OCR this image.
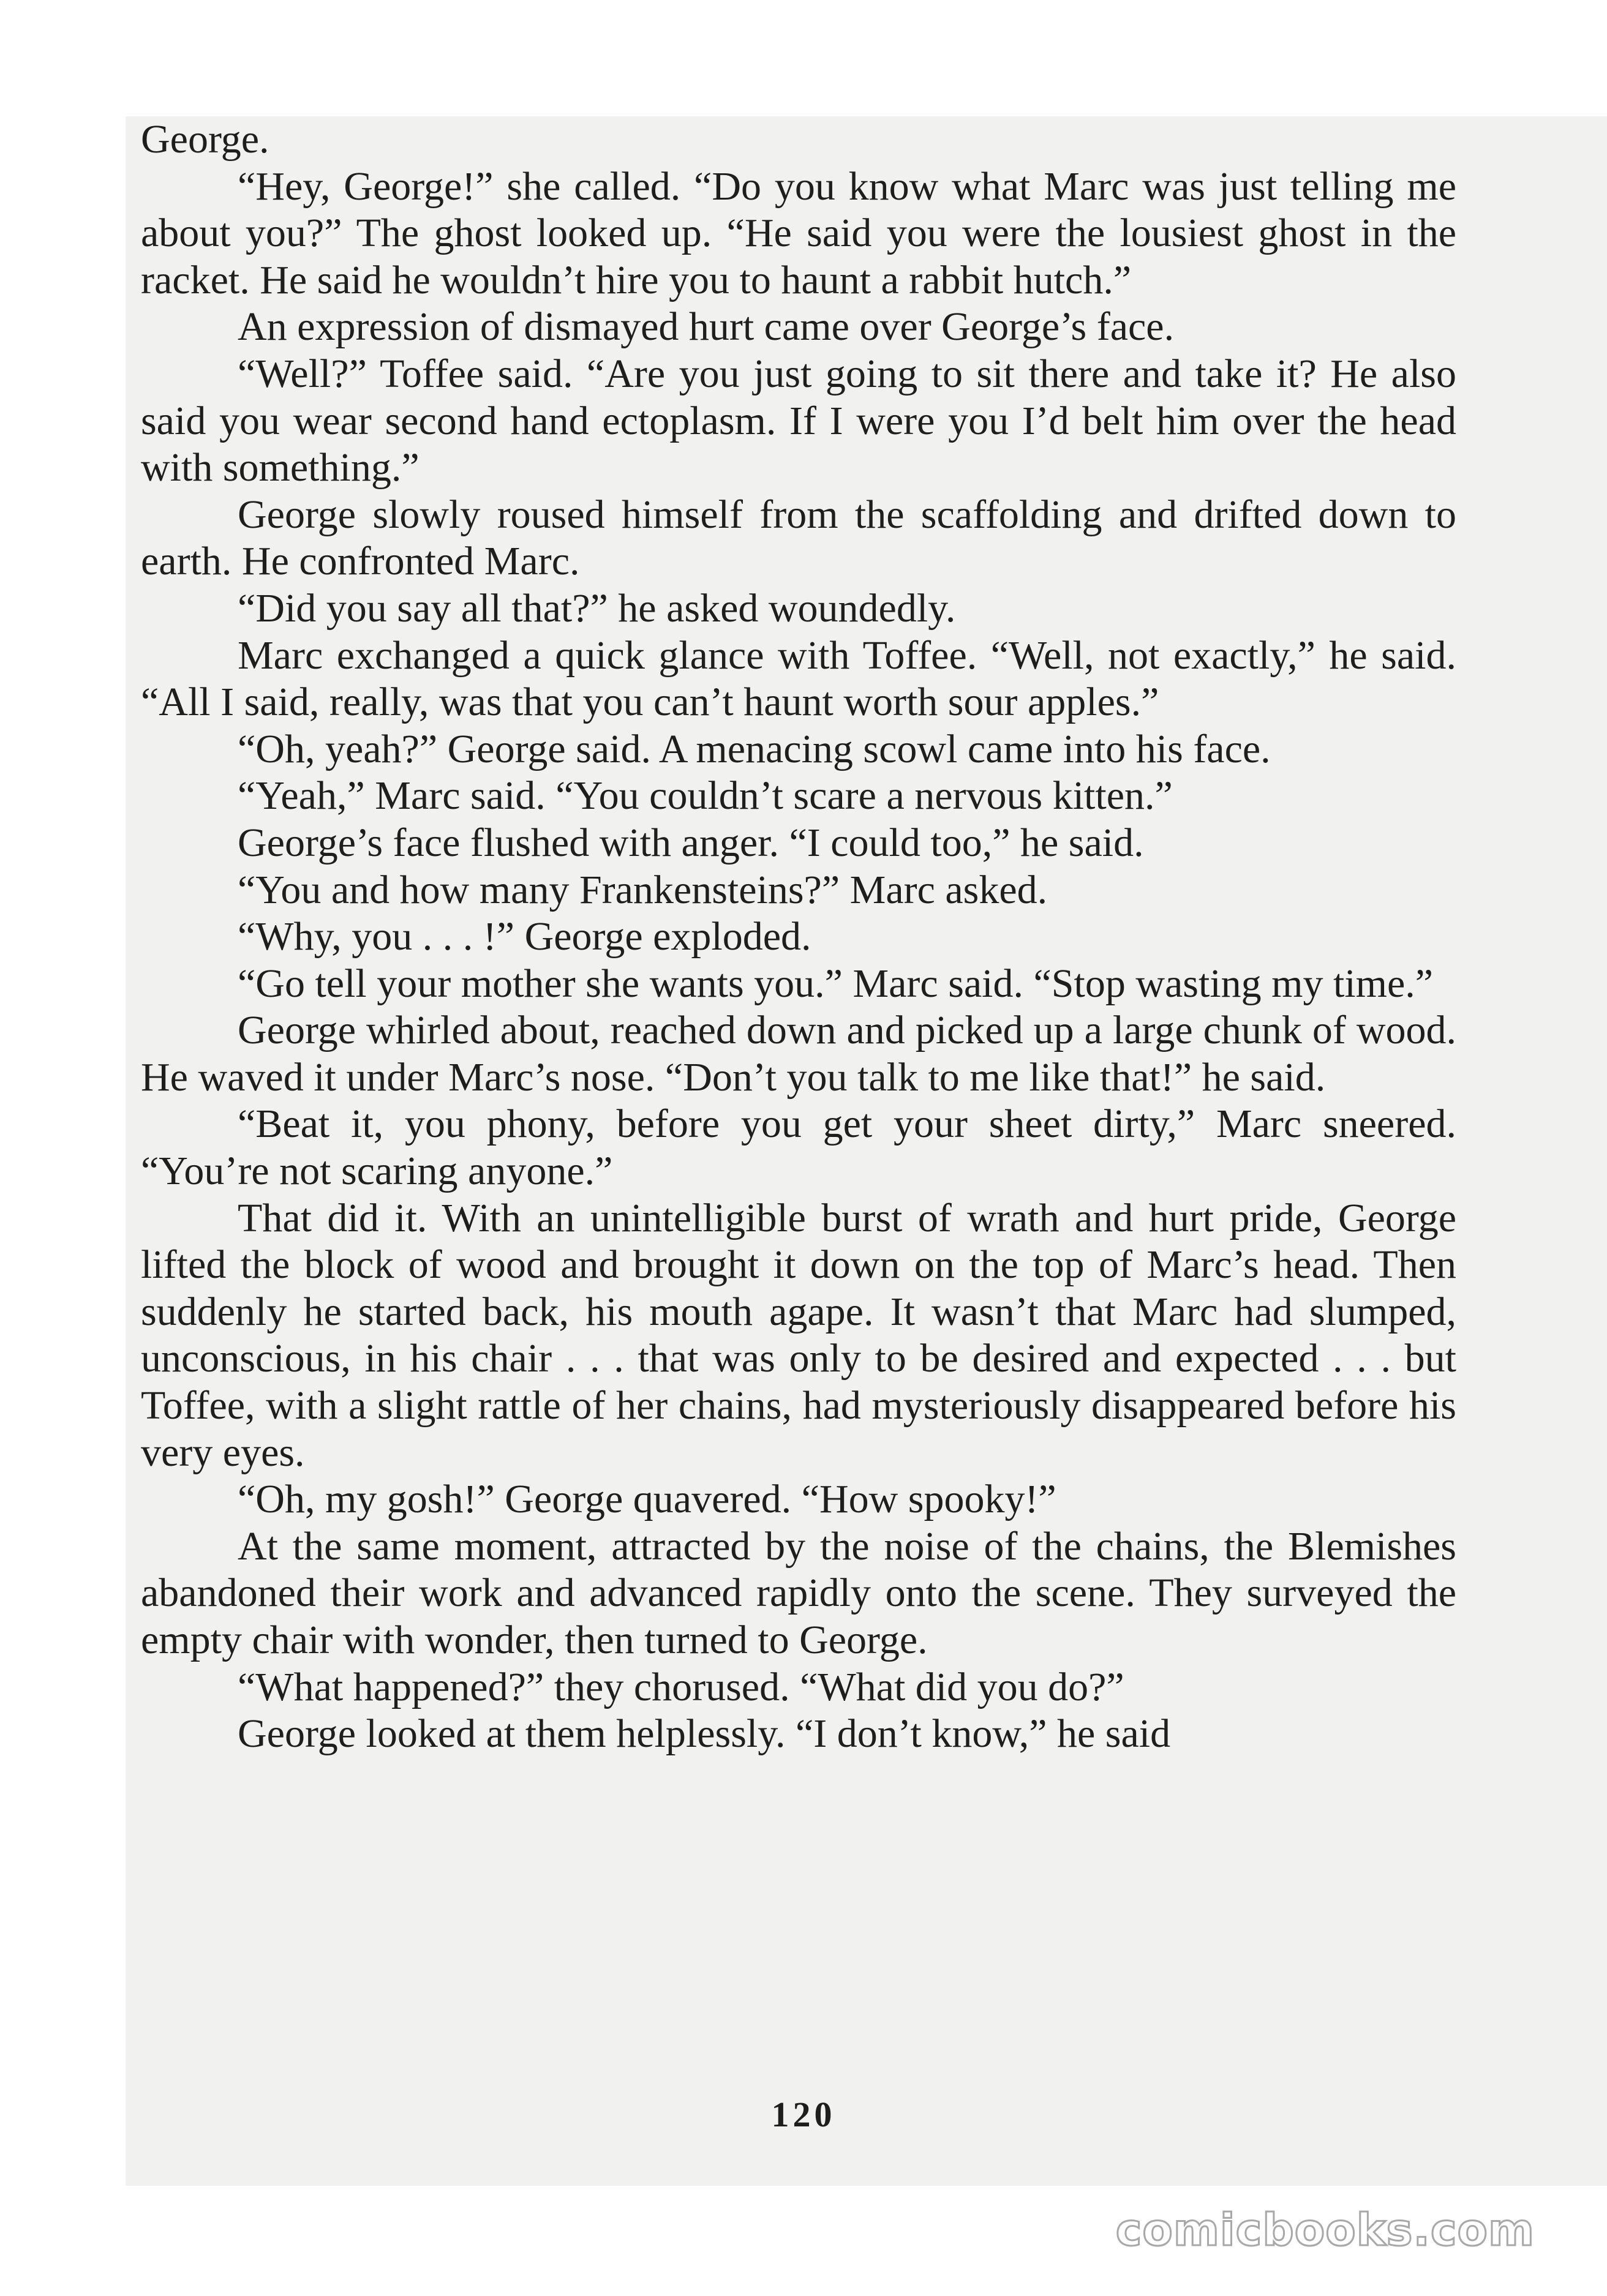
George.

“Hey, George!” she called. “Do you know what Marc was just telling me about you?” The ghost looked up. “He said you were the lousiest ghost in the racket. He said he wouldn’t hire you to haunt a rabbit hutch.”

An expression of dismayed hurt came over George’s face.

“Well?” Toffee said. “Are you just going to sit there and take it? He also said you wear second hand ectoplasm. If I were you I’d belt him over the head with something.”

George slowly roused himself from the scaffolding and drifted down to earth. He confronted Marc.

“Did you say all that?” he asked woundedly.

Marc exchanged a quick glance with Toffee. “Well, not exactly,” he said. “All I said, really, was that you can’t haunt worth sour apples.”

“Oh, yeah?” George said. A menacing scowl came into his face.

“Yeah,” Marc said. “You couldn’t scare a nervous kitten.”

George’s face flushed with anger. “I could too,” he said.

“You and how many Frankensteins?” Marc asked.

“Why, you . . . !” George exploded.

“Go tell your mother she wants you.” Marc said. “Stop wasting my time.”

George whirled about, reached down and picked up a large chunk of wood. He waved it under Marc’s nose. “Don’t you talk to me like that!” he said.

“Beat it, you phony, before you get your sheet dirty,” Marc sneered. “You’re not scaring anyone.”

That did it. With an unintelligible burst of wrath and hurt pride, George lifted the block of wood and brought it down on the top of Marc’s head. Then suddenly he started back, his mouth agape. It wasn’t that Marc had slumped, unconscious, in his chair . . . that was only to be desired and expected . . . but Toffee, with a slight rattle of her chains, had mysteriously disappeared before his very eyes.

“Oh, my gosh!” George quavered. “How spooky!”

At the same moment, attracted by the noise of the chains, the Blemishes abandoned their work and advanced rapidly onto the scene. They surveyed the empty chair with wonder, then turned to George.

“What happened?” they chorused. “What did you do?”

George looked at them helplessly. “I don’t know,” he said

120
comicbooks.com
